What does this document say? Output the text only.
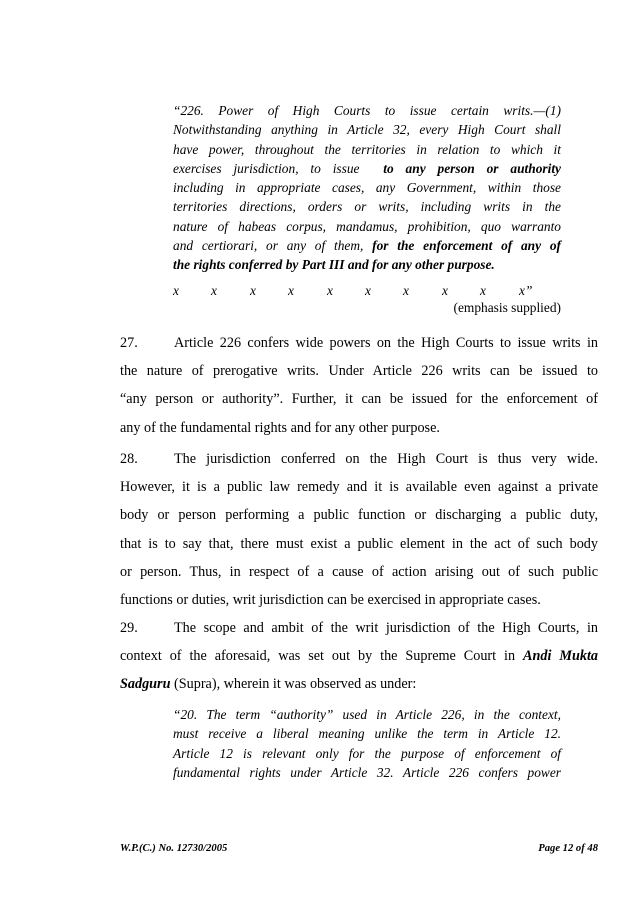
“226. Power of High Courts to issue certain writs.—(1)
Notwithstanding anything in Article 32, every High Court shall
have power, throughout the territories in relation to which it
exercises jurisdiction, to issue to any person or authority
including in appropriate cases, any Government, within those
territories directions, orders or writs, including writs in the
nature of habeas corpus, mandamus, prohibition, quo warranto
and certiorari, or any of them, for the enforcement of any of
the rights conferred by Part III and for any other purpose.
x x x x x x x x x x”
(emphasis supplied)
27.	Article 226 confers wide powers on the High Courts to issue writs in
the nature of prerogative writs. Under Article 226 writs can be issued to
“any person or authority”. Further, it can be issued for the enforcement of
any of the fundamental rights and for any other purpose.
28.	The jurisdiction conferred on the High Court is thus very wide.
However, it is a public law remedy and it is available even against a private
body or person performing a public function or discharging a public duty,
that is to say that, there must exist a public element in the act of such body
or person. Thus, in respect of a cause of action arising out of such public
functions or duties, writ jurisdiction can be exercised in appropriate cases.
29.	The scope and ambit of the writ jurisdiction of the High Courts, in
context of the aforesaid, was set out by the Supreme Court in Andi Mukta
Sadguru (Supra), wherein it was observed as under:
“20. The term “authority” used in Article 226, in the context,
must receive a liberal meaning unlike the term in Article 12.
Article 12 is relevant only for the purpose of enforcement of
fundamental rights under Article 32. Article 226 confers power
W.P.(C.) No. 12730/2005	Page 12 of 48
